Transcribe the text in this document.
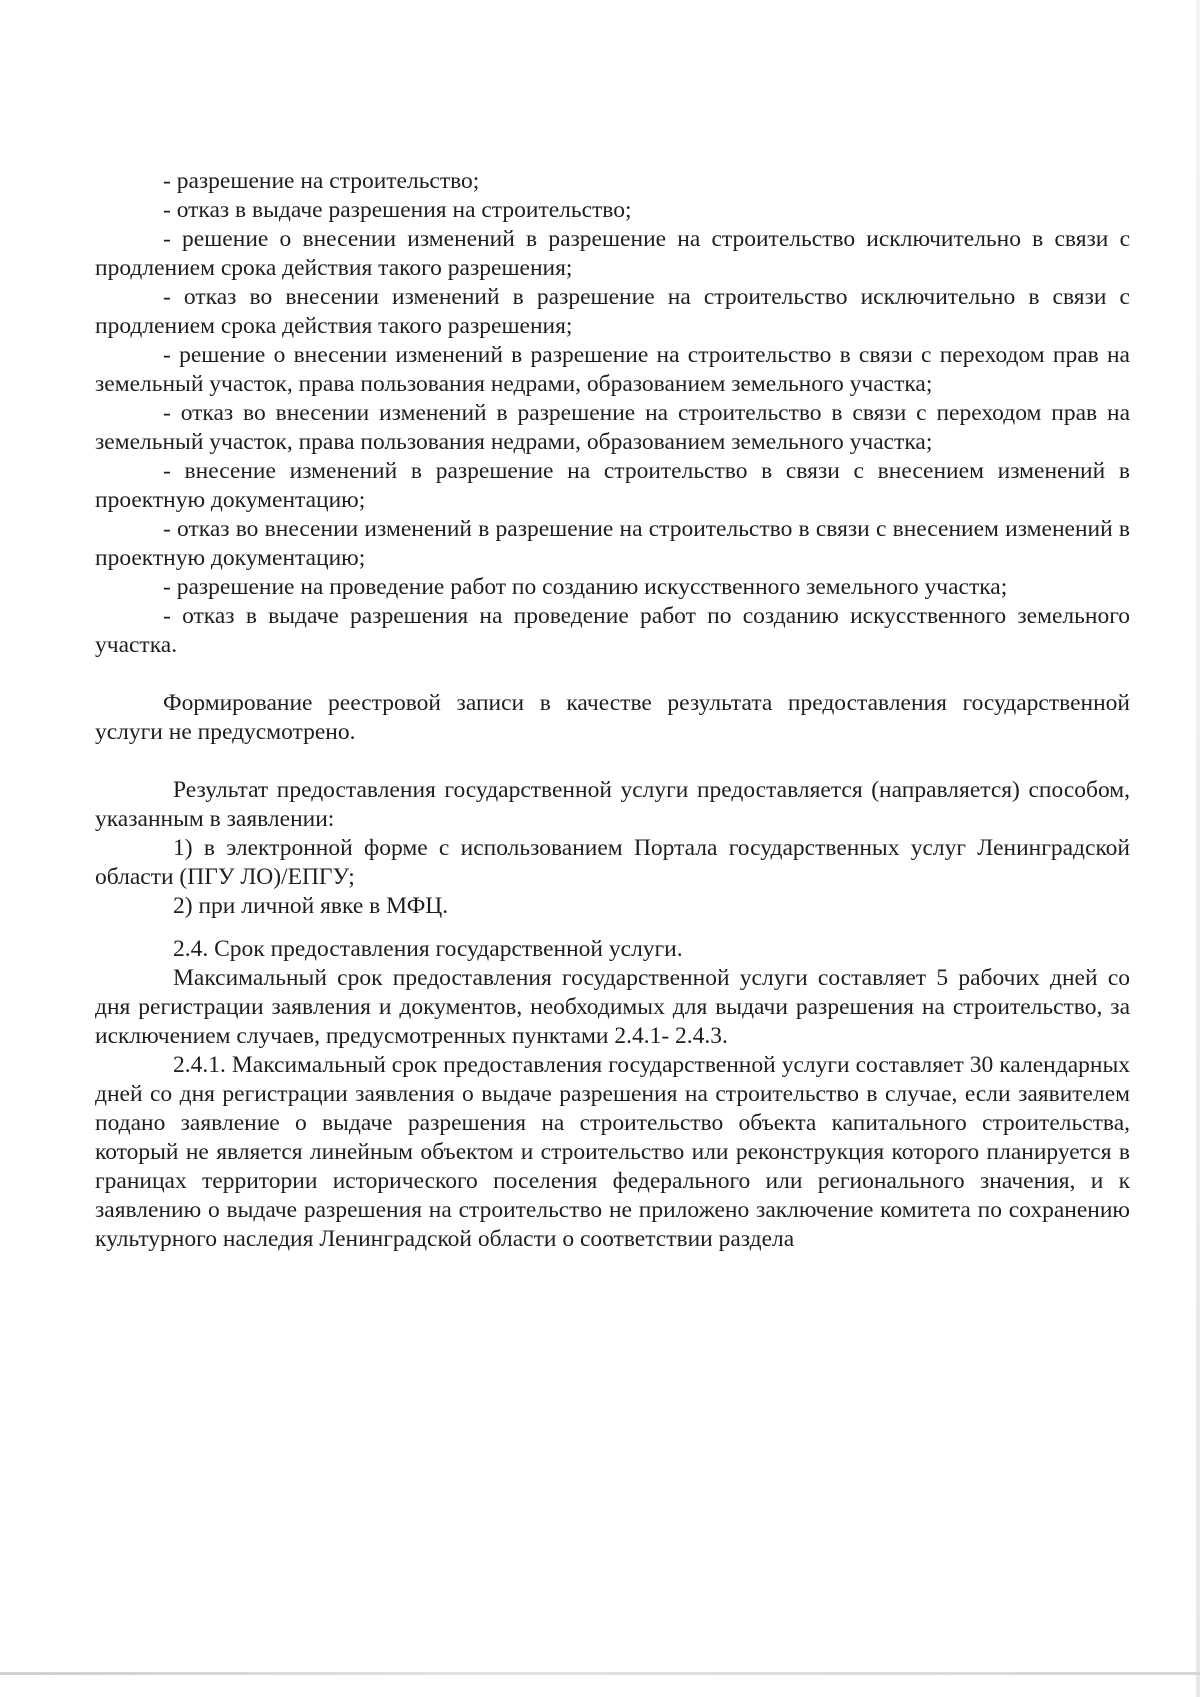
- разрешение на строительство;

- отказ в выдаче разрешения на строительство;

- решение о внесении изменений в разрешение на строительство исключительно в связи с продлением срока действия такого разрешения;

- отказ во внесении изменений в разрешение на строительство исключительно в связи с продлением срока действия такого разрешения;

- решение о внесении изменений в разрешение на строительство в связи с переходом прав на земельный участок, права пользования недрами, образованием земельного участка;

- отказ во внесении изменений в разрешение на строительство в связи с переходом прав на земельный участок, права пользования недрами, образованием земельного участка;

- внесение изменений в разрешение на строительство в связи с внесением изменений в проектную документацию;

- отказ во внесении изменений в разрешение на строительство в связи с внесением изменений в проектную документацию;

- разрешение на проведение работ по созданию искусственного земельного участка;

- отказ в выдаче разрешения на проведение работ по созданию искусственного земельного участка.

Формирование реестровой записи в качестве результата предоставления государственной услуги не предусмотрено.

Результат предоставления государственной услуги предоставляется (направляется) способом, указанным в заявлении:

1) в электронной форме с использованием Портала государственных услуг Ленинградской области (ПГУ ЛО)/ЕПГУ;

2) при личной явке в МФЦ.

2.4. Срок предоставления государственной услуги.

Максимальный срок предоставления государственной услуги составляет 5 рабочих дней со дня регистрации заявления и документов, необходимых для выдачи разрешения на строительство, за исключением случаев, предусмотренных пунктами 2.4.1- 2.4.3.

2.4.1. Максимальный срок предоставления государственной услуги составляет 30 календарных дней со дня регистрации заявления о выдаче разрешения на строительство в случае, если заявителем подано заявление о выдаче разрешения на строительство объекта капитального строительства, который не является линейным объектом и строительство или реконструкция которого планируется в границах территории исторического поселения федерального или регионального значения, и к заявлению о выдаче разрешения на строительство не приложено заключение комитета по сохранению культурного наследия Ленинградской области о соответствии раздела
